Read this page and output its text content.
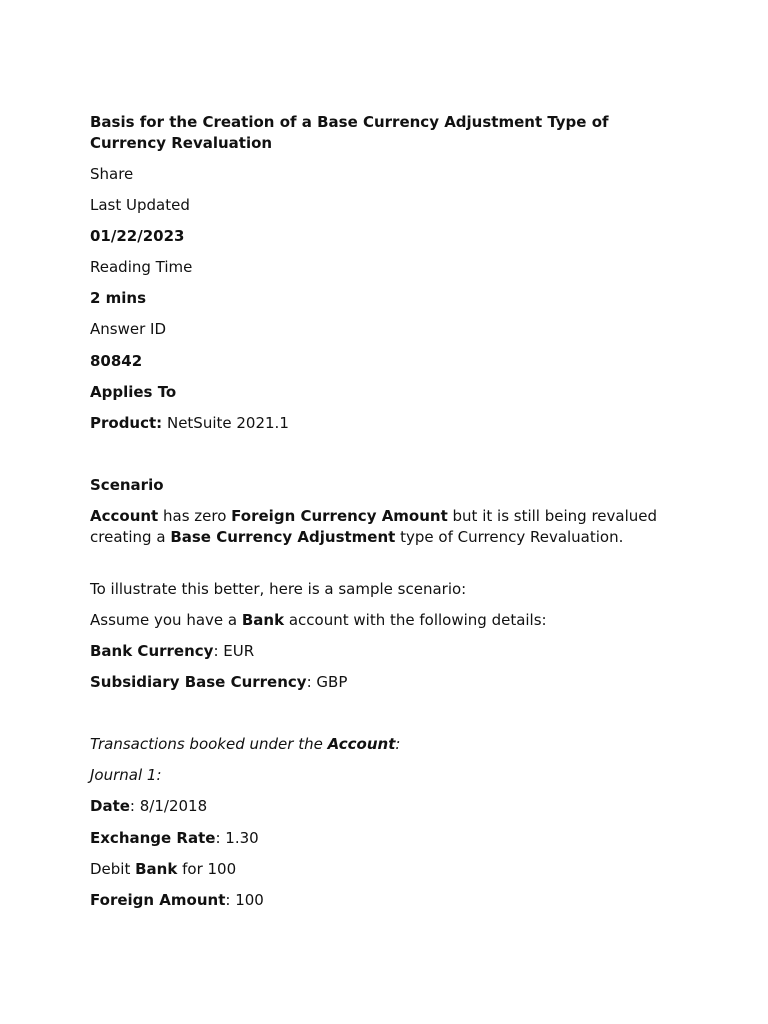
Basis for the Creation of a Base Currency Adjustment Type of Currency Revaluation

Share

Last Updated

01/22/2023

Reading Time

2 mins

Answer ID

80842

Applies To

Product: NetSuite 2021.1

Scenario

Account has zero Foreign Currency Amount but it is still being revalued creating a Base Currency Adjustment type of Currency Revaluation.

To illustrate this better, here is a sample scenario:

Assume you have a Bank account with the following details:

Bank Currency: EUR

Subsidiary Base Currency: GBP

Transactions booked under the Account:

Journal 1:

Date: 8/1/2018

Exchange Rate: 1.30

Debit Bank for 100

Foreign Amount: 100
